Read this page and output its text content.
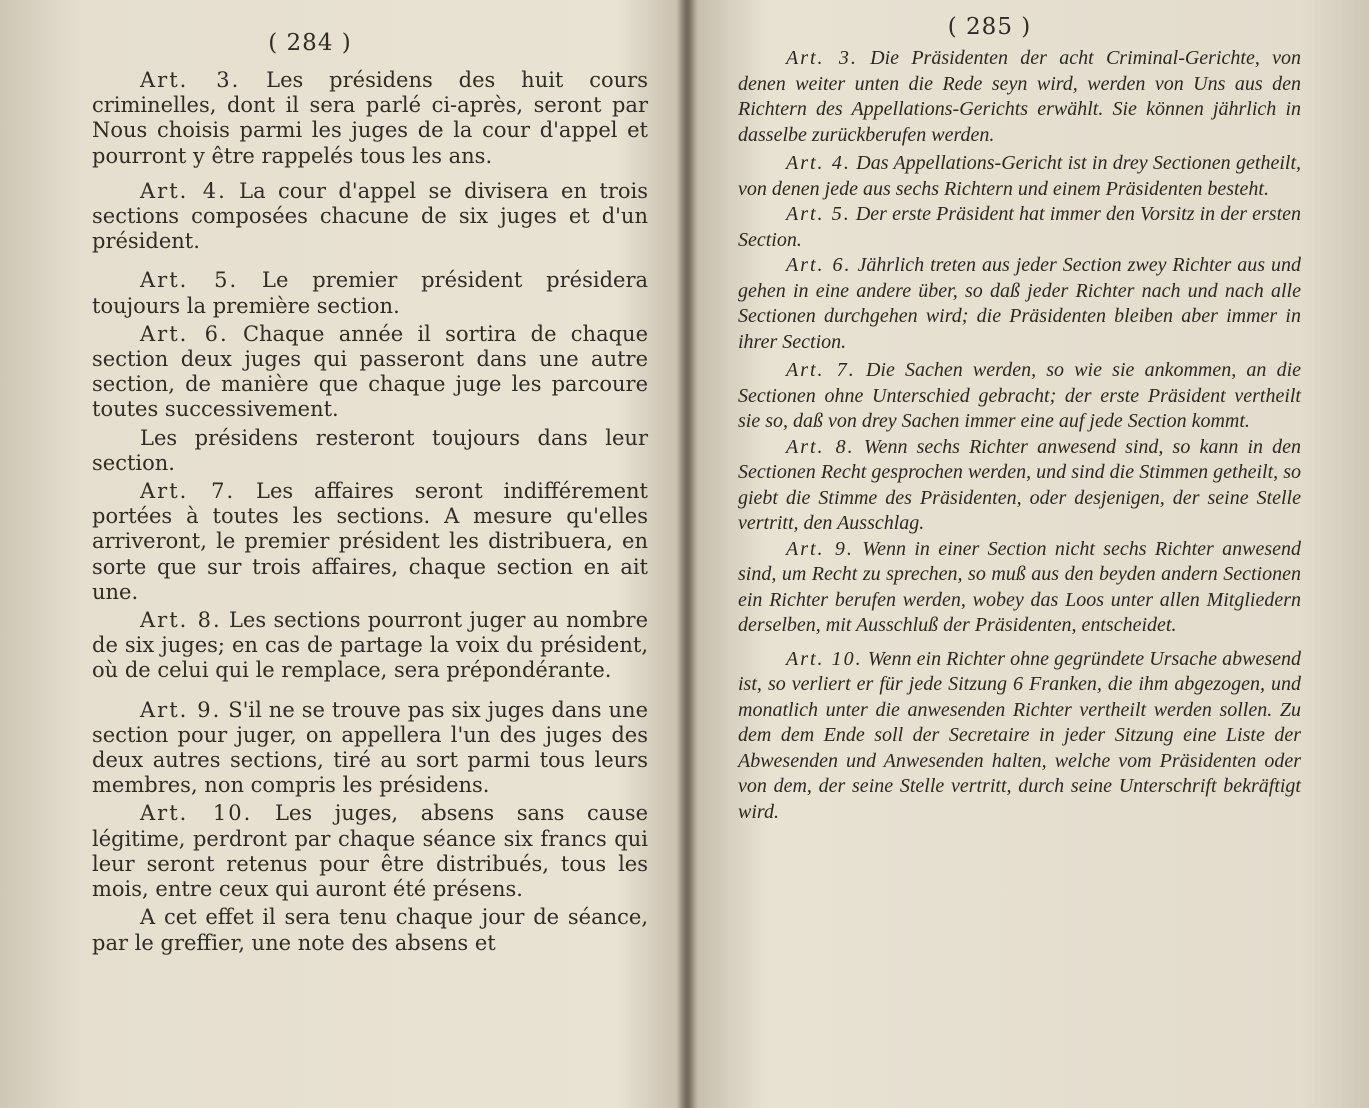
( 284 )

Art. 3. Les présidens des huit cours criminelles, dont il sera parlé ci-après, seront par Nous choisis parmi les juges de la cour d'appel et pourront y être rappelés tous les ans.

Art. 4. La cour d'appel se divisera en trois sections composées chacune de six juges et d'un président.

Art. 5. Le premier président présidera toujours la première section.

Art. 6. Chaque année il sortira de chaque section deux juges qui passeront dans une autre section, de manière que chaque juge les parcoure toutes successivement.

Les présidens resteront toujours dans leur section.

Art. 7. Les affaires seront indifférement portées à toutes les sections. A mesure qu'elles arriveront, le premier président les distribuera, en sorte que sur trois affaires, chaque section en ait une.

Art. 8. Les sections pourront juger au nombre de six juges; en cas de partage la voix du président, où de celui qui le remplace, sera prépondérante.

Art. 9. S'il ne se trouve pas six juges dans une section pour juger, on appellera l'un des juges des deux autres sections, tiré au sort parmi tous leurs membres, non compris les présidens.

Art. 10. Les juges, absens sans cause légitime, perdront par chaque séance six francs qui leur seront retenus pour être distribués, tous les mois, entre ceux qui auront été présens.

A cet effet il sera tenu chaque jour de séance, par le greffier, une note des absens et

( 285 )

Art. 3. Die Präsidenten der acht Criminal-Gerichte, von denen weiter unten die Rede seyn wird, werden von Uns aus den Richtern des Appellations-Gerichts erwählt. Sie können jährlich in dasselbe zurückberufen werden.

Art. 4. Das Appellations-Gericht ist in drey Sectionen getheilt, von denen jede aus sechs Richtern und einem Präsidenten besteht.

Art. 5. Der erste Präsident hat immer den Vorsitz in der ersten Section.

Art. 6. Jährlich treten aus jeder Section zwey Richter aus und gehen in eine andere über, so daß jeder Richter nach und nach alle Sectionen durchgehen wird; die Präsidenten bleiben aber immer in ihrer Section.

Art. 7. Die Sachen werden, so wie sie ankommen, an die Sectionen ohne Unterschied gebracht; der erste Präsident vertheilt sie so, daß von drey Sachen immer eine auf jede Section kommt.

Art. 8. Wenn sechs Richter anwesend sind, so kann in den Sectionen Recht gesprochen werden, und sind die Stimmen getheilt, so giebt die Stimme des Präsidenten, oder desjenigen, der seine Stelle vertritt, den Ausschlag.

Art. 9. Wenn in einer Section nicht sechs Richter anwesend sind, um Recht zu sprechen, so muß aus den beyden andern Sectionen ein Richter berufen werden, wobey das Loos unter allen Mitgliedern derselben, mit Ausschluß der Präsidenten, entscheidet.

Art. 10. Wenn ein Richter ohne gegründete Ursache abwesend ist, so verliert er für jede Sitzung 6 Franken, die ihm abgezogen, und monatlich unter die anwesenden Richter vertheilt werden sollen. Zu dem dem Ende soll der Secretaire in jeder Sitzung eine Liste der Abwesenden und Anwesenden halten, welche vom Präsidenten oder von dem, der seine Stelle vertritt, durch seine Unterschrift bekräftigt wird.
